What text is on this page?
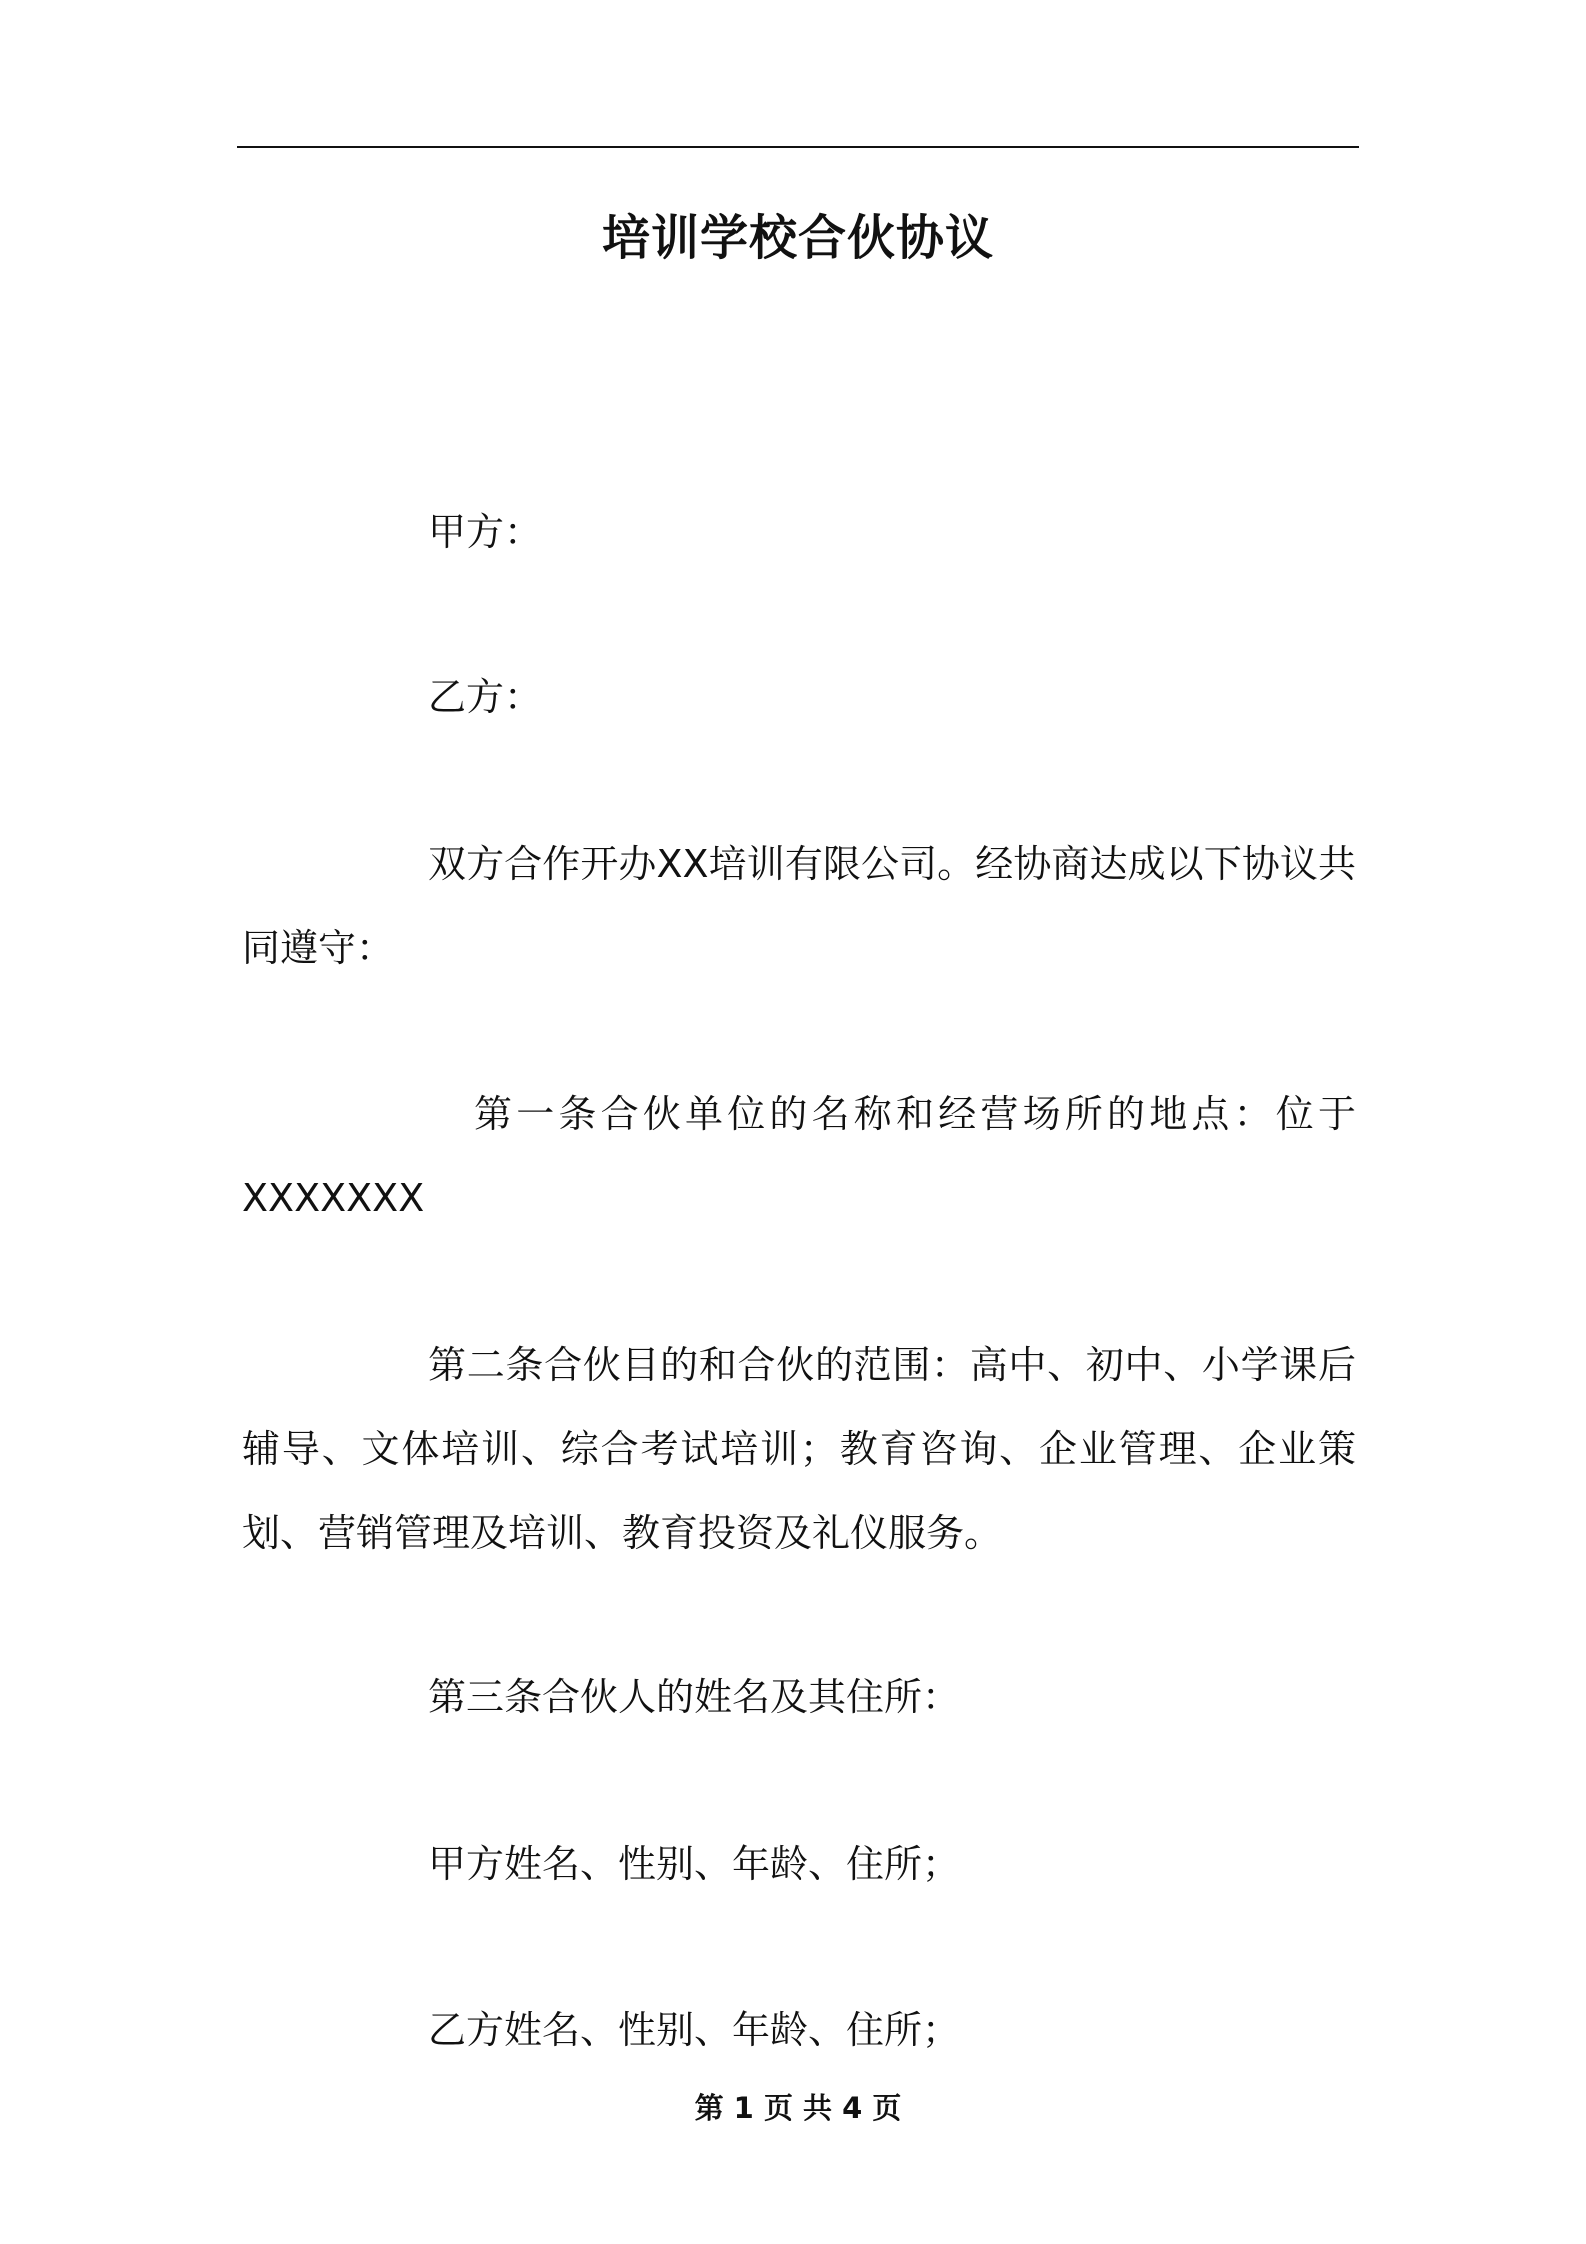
培训学校合伙协议
甲方：
乙方：
双方合作开办XX培训有限公司。经协商达成以下协议共同遵守：
第一条合伙单位的名称和经营场所的地点：位于XXXXXXX
第二条合伙目的和合伙的范围：高中、初中、小学课后辅导、文体培训、综合考试培训；教育咨询、企业管理、企业策划、营销管理及培训、教育投资及礼仪服务。
第三条合伙人的姓名及其住所：
甲方姓名、性别、年龄、住所；
乙方姓名、性别、年龄、住所；
第 1 页 共 4 页
